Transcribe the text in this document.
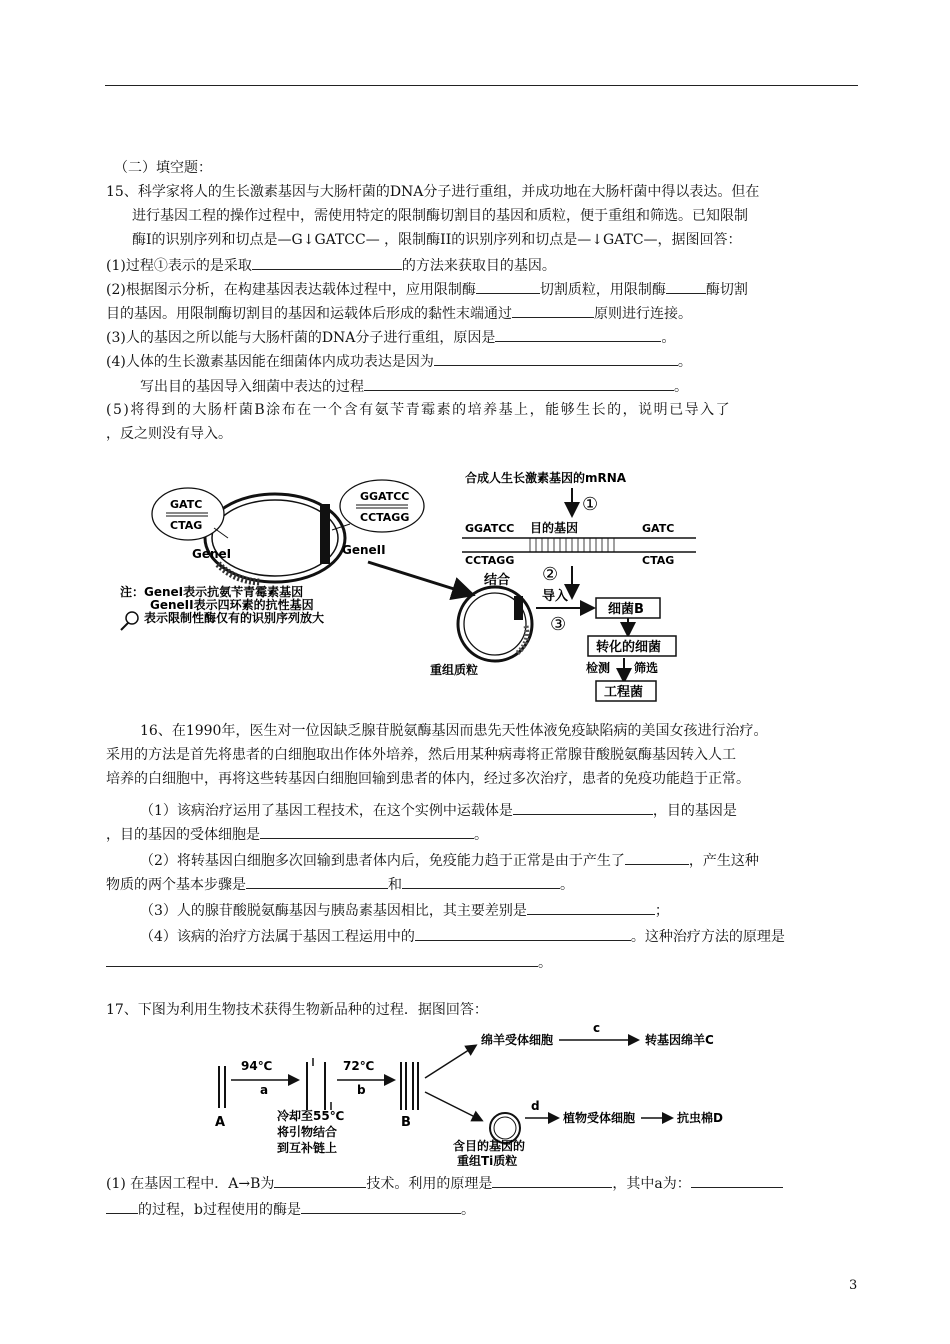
（二）填空题：
15、科学家将人的生长激素基因与大肠杆菌的DNA分子进行重组，并成功地在大肠杆菌中得以表达。但在
进行基因工程的操作过程中，需使用特定的限制酶切割目的基因和质粒，便于重组和筛选。已知限制
酶Ⅰ的识别序列和切点是—G↓GATCC— ，限制酶II的识别序列和切点是—↓GATC—，据图回答：
(1)过程①表示的是采取	的方法来获取目的基因。
(2)根据图示分析，在构建基因表达载体过程中，应用限制酶	切割质粒，用限制酶	酶切割
目的基因。用限制酶切割目的基因和运载体后形成的黏性末端通过	原则进行连接。
(3)人的基因之所以能与大肠杆菌的DNA分子进行重组，原因是	。
(4)人体的生长激素基因能在细菌体内成功表达是因为	。
写出目的基因导入细菌中表达的过程	。
(5)将得到的大肠杆菌B涂布在一个含有氨苄青霉素的培养基上，能够生长的，说明已导入了
，反之则没有导入。
GATC
CTAG
GGATCC
CCTAGG
GeneI	GeneII
注：GeneI表示抗氨苄青霉素基因
GeneII表示四环素的抗性基因
表示限制性酶仅有的识别序列放大
合成人生长激素基因的mRNA
①
GGATCC 目的基因	GATC
CCTAGG	CTAG
结合 ②
重组质粒
导入
③
细菌B
转化的细菌
检测 筛选
工程菌
16、在1990年，医生对一位因缺乏腺苷脱氨酶基因而患先天性体液免疫缺陷病的美国女孩进行治疗。
采用的方法是首先将患者的白细胞取出作体外培养，然后用某种病毒将正常腺苷酸脱氨酶基因转入人工
培养的白细胞中，再将这些转基因白细胞回输到患者的体内，经过多次治疗，患者的免疫功能趋于正常。
（1）该病治疗运用了基因工程技术，在这个实例中运载体是	，目的基因是
，目的基因的受体细胞是	。
（2）将转基因白细胞多次回输到患者体内后，免疫能力趋于正常是由于产生了	，产生这种
物质的两个基本步骤是	和	。
（3）人的腺苷酸脱氨酶基因与胰岛素基因相比，其主要差别是	；
（4）该病的治疗方法属于基因工程运用中的	。这种治疗方法的原理是
。
17、下图为利用生物技术获得生物新品种的过程．据图回答：
A
94℃
a
72℃
b
B
冷却至55℃
将引物结合
到互补链上
绵羊受体细胞
c
转基因绵羊C
含目的基因的
重组Ti质粒
d
植物受体细胞	抗虫棉D
(1) 在基因工程中．A→B为	技术。利用的原理是	，其中a为：
的过程，b过程使用的酶是	。
3
